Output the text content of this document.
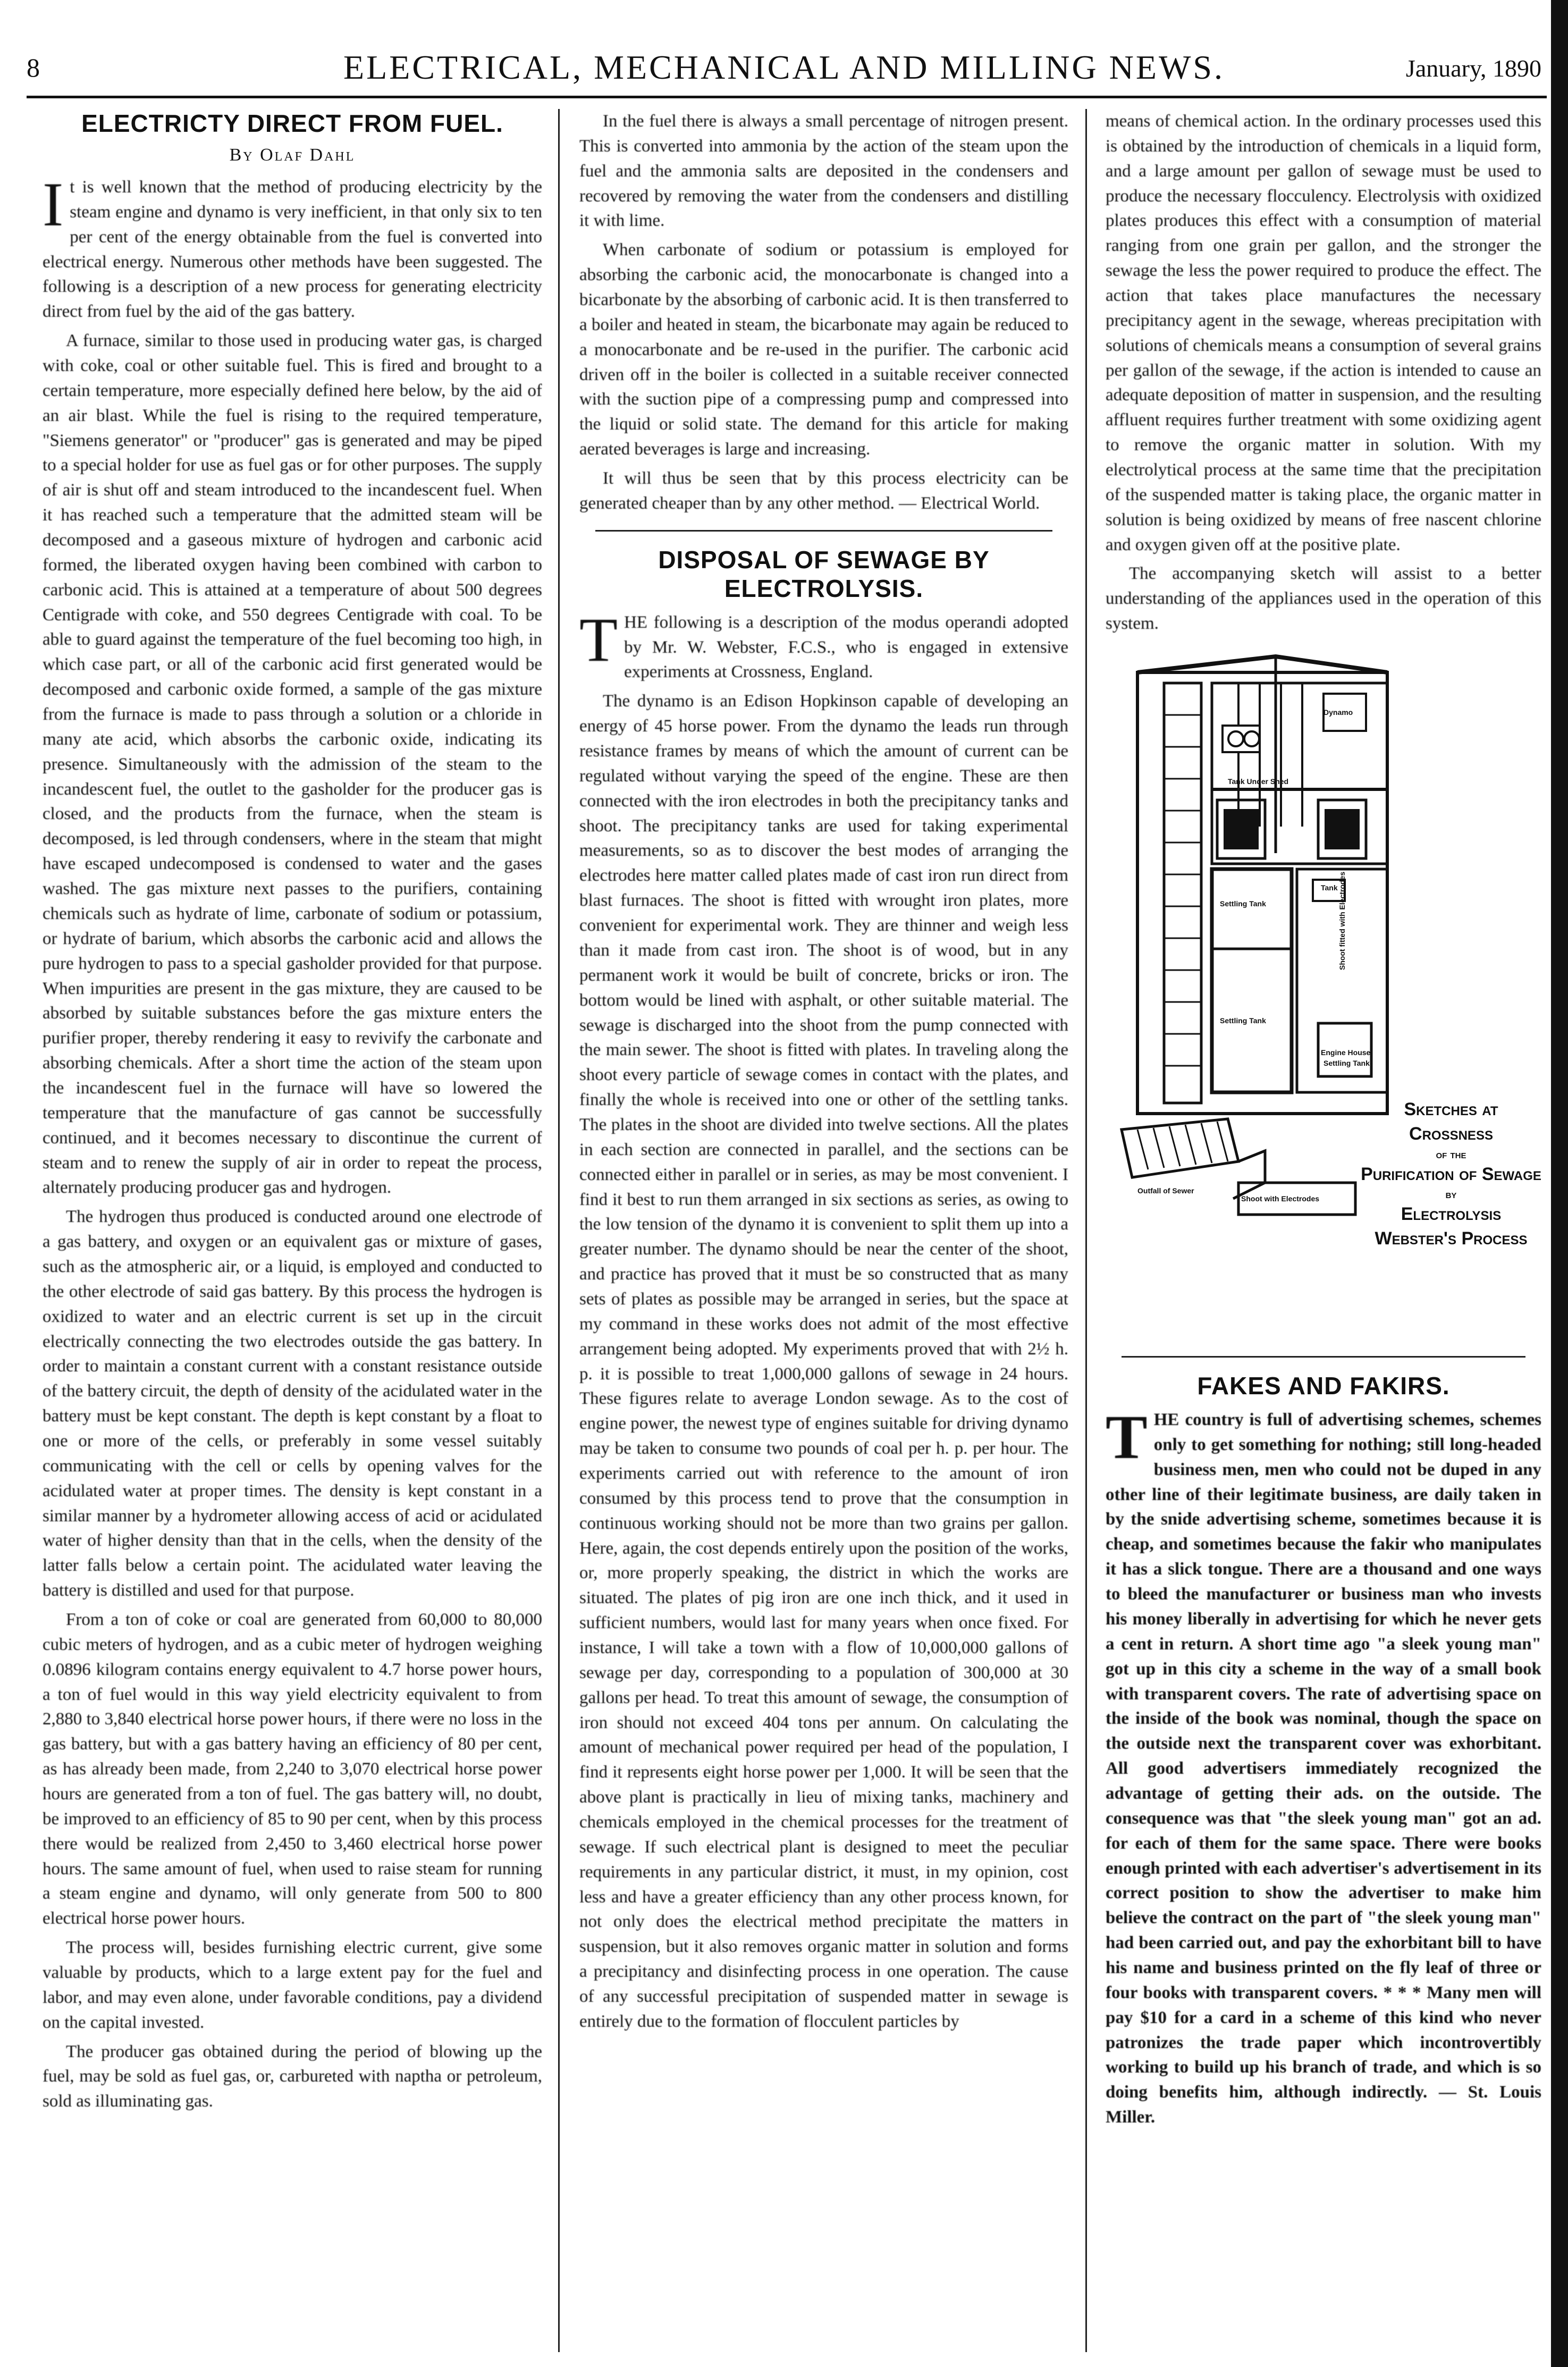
8	ELECTRICAL, MECHANICAL AND MILLING NEWS.	January, 1890
ELECTRICTY DIRECT FROM FUEL.
By Olaf Dahl

It is well known that the method of producing electricity by the steam engine and dynamo is very inefficient, in that only six to ten per cent of the energy obtainable from the fuel is converted into electrical energy. Numerous other methods have been suggested. The following is a description of a new process for generating electricity direct from fuel by the aid of the gas battery.

A furnace, similar to those used in producing water gas, is charged with coke, coal or other suitable fuel. This is fired and brought to a certain temperature, more especially defined here below, by the aid of an air blast. While the fuel is rising to the required temperature, "Siemens generator" or "producer" gas is generated and may be piped to a special holder for use as fuel gas or for other purposes. The supply of air is shut off and steam introduced to the incandescent fuel. When it has reached such a temperature that the admitted steam will be decomposed and a gaseous mixture of hydrogen and carbonic acid formed, the liberated oxygen having been combined with carbon to carbonic acid. This is attained at a temperature of about 500 degrees Centigrade with coke, and 550 degrees Centigrade with coal. To be able to guard against the temperature of the fuel becoming too high, in which case part, or all of the carbonic acid first generated would be decomposed and carbonic oxide formed, a sample of the gas mixture from the furnace is made to pass through a solution or a chloride in many ate acid, which absorbs the carbonic oxide, indicating its presence. Simultaneously with the admission of the steam to the incandescent fuel, the outlet to the gasholder for the producer gas is closed, and the products from the furnace, when the steam is decomposed, is led through condensers, where in the steam that might have escaped undecomposed is condensed to water and the gases washed. The gas mixture next passes to the purifiers, containing chemicals such as hydrate of lime, carbonate of sodium or potassium, or hydrate of barium, which absorbs the carbonic acid and allows the pure hydrogen to pass to a special gasholder provided for that purpose. When impurities are present in the gas mixture, they are caused to be absorbed by suitable substances before the gas mixture enters the purifier proper, thereby rendering it easy to revivify the carbonate and absorbing chemicals. After a short time the action of the steam upon the incandescent fuel in the furnace will have so lowered the temperature that the manufacture of gas cannot be successfully continued, and it becomes necessary to discontinue the current of steam and to renew the supply of air in order to repeat the process, alternately producing producer gas and hydrogen.

The hydrogen thus produced is conducted around one electrode of a gas battery, and oxygen or an equivalent gas or mixture of gases, such as the atmospheric air, or a liquid, is employed and conducted to the other electrode of said gas battery. By this process the hydrogen is oxidized to water and an electric current is set up in the circuit electrically connecting the two electrodes outside the gas battery. In order to maintain a constant current with a constant resistance outside of the battery circuit, the depth of density of the acidulated water in the battery must be kept constant. The depth is kept constant by a float to one or more of the cells, or preferably in some vessel suitably communicating with the cell or cells by opening valves for the acidulated water at proper times. The density is kept constant in a similar manner by a hydrometer allowing access of acid or acidulated water of higher density than that in the cells, when the density of the latter falls below a certain point. The acidulated water leaving the battery is distilled and used for that purpose.

From a ton of coke or coal are generated from 60,000 to 80,000 cubic meters of hydrogen, and as a cubic meter of hydrogen weighing 0.0896 kilogram contains energy equivalent to 4.7 horse power hours, a ton of fuel would in this way yield electricity equivalent to from 2,880 to 3,840 electrical horse power hours, if there were no loss in the gas battery, but with a gas battery having an efficiency of 80 per cent, as has already been made, from 2,240 to 3,070 electrical horse power hours are generated from a ton of fuel. The gas battery will, no doubt, be improved to an efficiency of 85 to 90 per cent, when by this process there would be realized from 2,450 to 3,460 electrical horse power hours. The same amount of fuel, when used to raise steam for running a steam engine and dynamo, will only generate from 500 to 800 electrical horse power hours.

The process will, besides furnishing electric current, give some valuable by products, which to a large extent pay for the fuel and labor, and may even alone, under favorable conditions, pay a dividend on the capital invested.

The producer gas obtained during the period of blowing up the fuel, may be sold as fuel gas, or, carbureted with naptha or petroleum, sold as illuminating gas.

In the fuel there is always a small percentage of nitrogen present. This is converted into ammonia by the action of the steam upon the fuel and the ammonia salts are deposited in the condensers and recovered by removing the water from the condensers and distilling it with lime.

When carbonate of sodium or potassium is employed for absorbing the carbonic acid, the monocarbonate is changed into a bicarbonate by the absorbing of carbonic acid. It is then transferred to a boiler and heated in steam, the bicarbonate may again be reduced to a monocarbonate and be re-used in the purifier. The carbonic acid driven off in the boiler is collected in a suitable receiver connected with the suction pipe of a compressing pump and compressed into the liquid or solid state. The demand for this article for making aerated beverages is large and increasing.

It will thus be seen that by this process electricity can be generated cheaper than by any other method. — Electrical World.

DISPOSAL OF SEWAGE BY ELECTROLYSIS.

THE following is a description of the modus operandi adopted by Mr. W. Webster, F.C.S., who is engaged in extensive experiments at Crossness, England.

The dynamo is an Edison Hopkinson capable of developing an energy of 45 horse power. From the dynamo the leads run through resistance frames by means of which the amount of current can be regulated without varying the speed of the engine. These are then connected with the iron electrodes in both the precipitancy tanks and shoot. The precipitancy tanks are used for taking experimental measurements, so as to discover the best modes of arranging the electrodes here matter called plates made of cast iron run direct from blast furnaces. The shoot is fitted with wrought iron plates, more convenient for experimental work. They are thinner and weigh less than it made from cast iron. The shoot is of wood, but in any permanent work it would be built of concrete, bricks or iron. The bottom would be lined with asphalt, or other suitable material. The sewage is discharged into the shoot from the pump connected with the main sewer. The shoot is fitted with plates. In traveling along the shoot every particle of sewage comes in contact with the plates, and finally the whole is received into one or other of the settling tanks. The plates in the shoot are divided into twelve sections. All the plates in each section are connected in parallel, and the sections can be connected either in parallel or in series, as may be most convenient. I find it best to run them arranged in six sections as series, as owing to the low tension of the dynamo it is convenient to split them up into a greater number. The dynamo should be near the center of the shoot, and practice has proved that it must be so constructed that as many sets of plates as possible may be arranged in series, but the space at my command in these works does not admit of the most effective arrangement being adopted. My experiments proved that with 2½ h. p. it is possible to treat 1,000,000 gallons of sewage in 24 hours. These figures relate to average London sewage. As to the cost of engine power, the newest type of engines suitable for driving dynamo may be taken to consume two pounds of coal per h. p. per hour. The experiments carried out with reference to the amount of iron consumed by this process tend to prove that the consumption in continuous working should not be more than two grains per gallon. Here, again, the cost depends entirely upon the position of the works, or, more properly speaking, the district in which the works are situated. The plates of pig iron are one inch thick, and it used in sufficient numbers, would last for many years when once fixed. For instance, I will take a town with a flow of 10,000,000 gallons of sewage per day, corresponding to a population of 300,000 at 30 gallons per head. To treat this amount of sewage, the consumption of iron should not exceed 404 tons per annum. On calculating the amount of mechanical power required per head of the population, I find it represents eight horse power per 1,000. It will be seen that the above plant is practically in lieu of mixing tanks, machinery and chemicals employed in the chemical processes for the treatment of sewage. If such electrical plant is designed to meet the peculiar requirements in any particular district, it must, in my opinion, cost less and have a greater efficiency than any other process known, for not only does the electrical method precipitate the matters in suspension, but it also removes organic matter in solution and forms a precipitancy and disinfecting process in one operation. The cause of any successful precipitation of suspended matter in sewage is entirely due to the formation of flocculent particles by

means of chemical action. In the ordinary processes used this is obtained by the introduction of chemicals in a liquid form, and a large amount per gallon of sewage must be used to produce the necessary flocculency. Electrolysis with oxidized plates produces this effect with a consumption of material ranging from one grain per gallon, and the stronger the sewage the less the power required to produce the effect. The action that takes place manufactures the necessary precipitancy agent in the sewage, whereas precipitation with solutions of chemicals means a consumption of several grains per gallon of the sewage, if the action is intended to cause an adequate deposition of matter in suspension, and the resulting affluent requires further treatment with some oxidizing agent to remove the organic matter in solution. With my electrolytical process at the same time that the precipitation of the suspended matter is taking place, the organic matter in solution is being oxidized by means of free nascent chlorine and oxygen given off at the positive plate.

The accompanying sketch will assist to a better understanding of the appliances used in the operation of this system.

Shoot fitted with Electrodes
Tank Under Shed
Tank
Settling Tank
Settling Tank
Dynamo
Engine House
Settling Tank
Outfall of Sewer
Shoot with Electrodes
Sketches at Crossness
of the
Purification of Sewage
by
Electrolysis
Webster's Process
FAKES AND FAKIRS.

THE country is full of advertising schemes, schemes only to get something for nothing; still long-headed business men, men who could not be duped in any other line of their legitimate business, are daily taken in by the snide advertising scheme, sometimes because it is cheap, and sometimes because the fakir who manipulates it has a slick tongue. There are a thousand and one ways to bleed the manufacturer or business man who invests his money liberally in advertising for which he never gets a cent in return. A short time ago "a sleek young man" got up in this city a scheme in the way of a small book with transparent covers. The rate of advertising space on the inside of the book was nominal, though the space on the outside next the transparent cover was exhorbitant. All good advertisers immediately recognized the advantage of getting their ads. on the outside. The consequence was that "the sleek young man" got an ad. for each of them for the same space. There were books enough printed with each advertiser's advertisement in its correct position to show the advertiser to make him believe the contract on the part of "the sleek young man" had been carried out, and pay the exhorbitant bill to have his name and business printed on the fly leaf of three or four books with transparent covers. * * * Many men will pay $10 for a card in a scheme of this kind who never patronizes the trade paper which incontrovertibly working to build up his branch of trade, and which is so doing benefits him, although indirectly. — St. Louis Miller.
